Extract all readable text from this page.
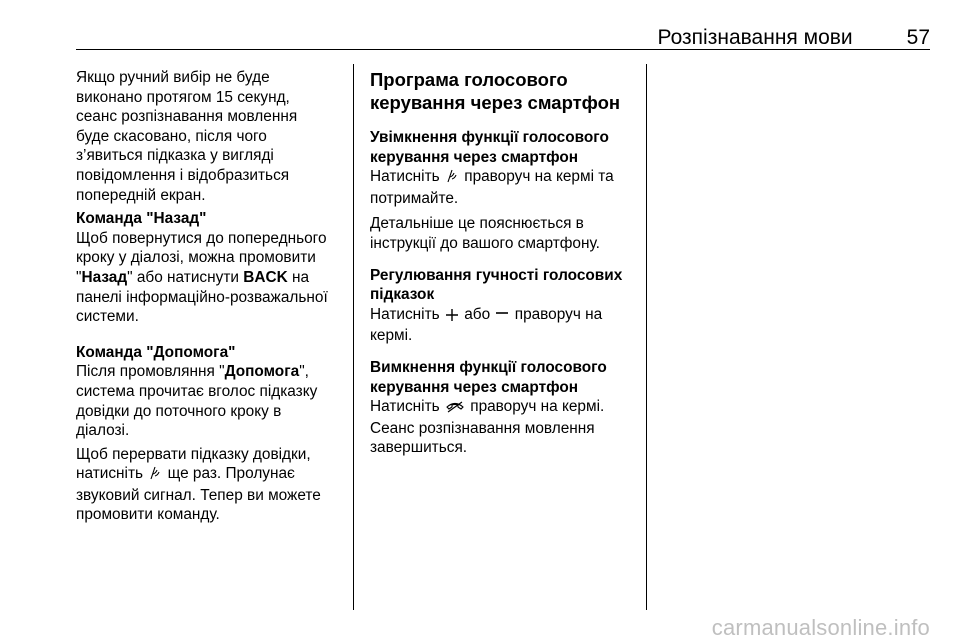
Розпізнавання мови	57
Якщо ручний вибір не буде
виконано протягом 15 секунд,
сеанс розпізнавання мовлення
буде скасовано, після чого
з’явиться підказка у вигляді
повідомлення і відобразиться
попередній екран.
Команда "Назад"
Щоб повернутися до попереднього
кроку у діалозі, можна промовити
"Назад" або натиснути BACK на
панелі інформаційно-розважальної
системи.
Команда "Допомога"
Після промовляння "Допомога",
система прочитає вголос підказку
довідки до поточного кроку в
діалозі.
Щоб перервати підказку довідки,
натисніть  ще раз. Пролунає
звуковий сигнал. Тепер ви можете
промовити команду.
Програма голосового керування через смартфон
Увімкнення функції голосового керування через смартфон

Натисніть  праворуч на кермі та потримайте.

Детальніше це пояснюється в інструкції до вашого смартфону.

Регулювання гучності голосових підказок
Натисніть  або  праворуч на кермі.
Вимкнення функції голосового керування через смартфон
Натисніть  праворуч на кермі.
Сеанс розпізнавання мовлення завершиться.
carmanualsonline.info
